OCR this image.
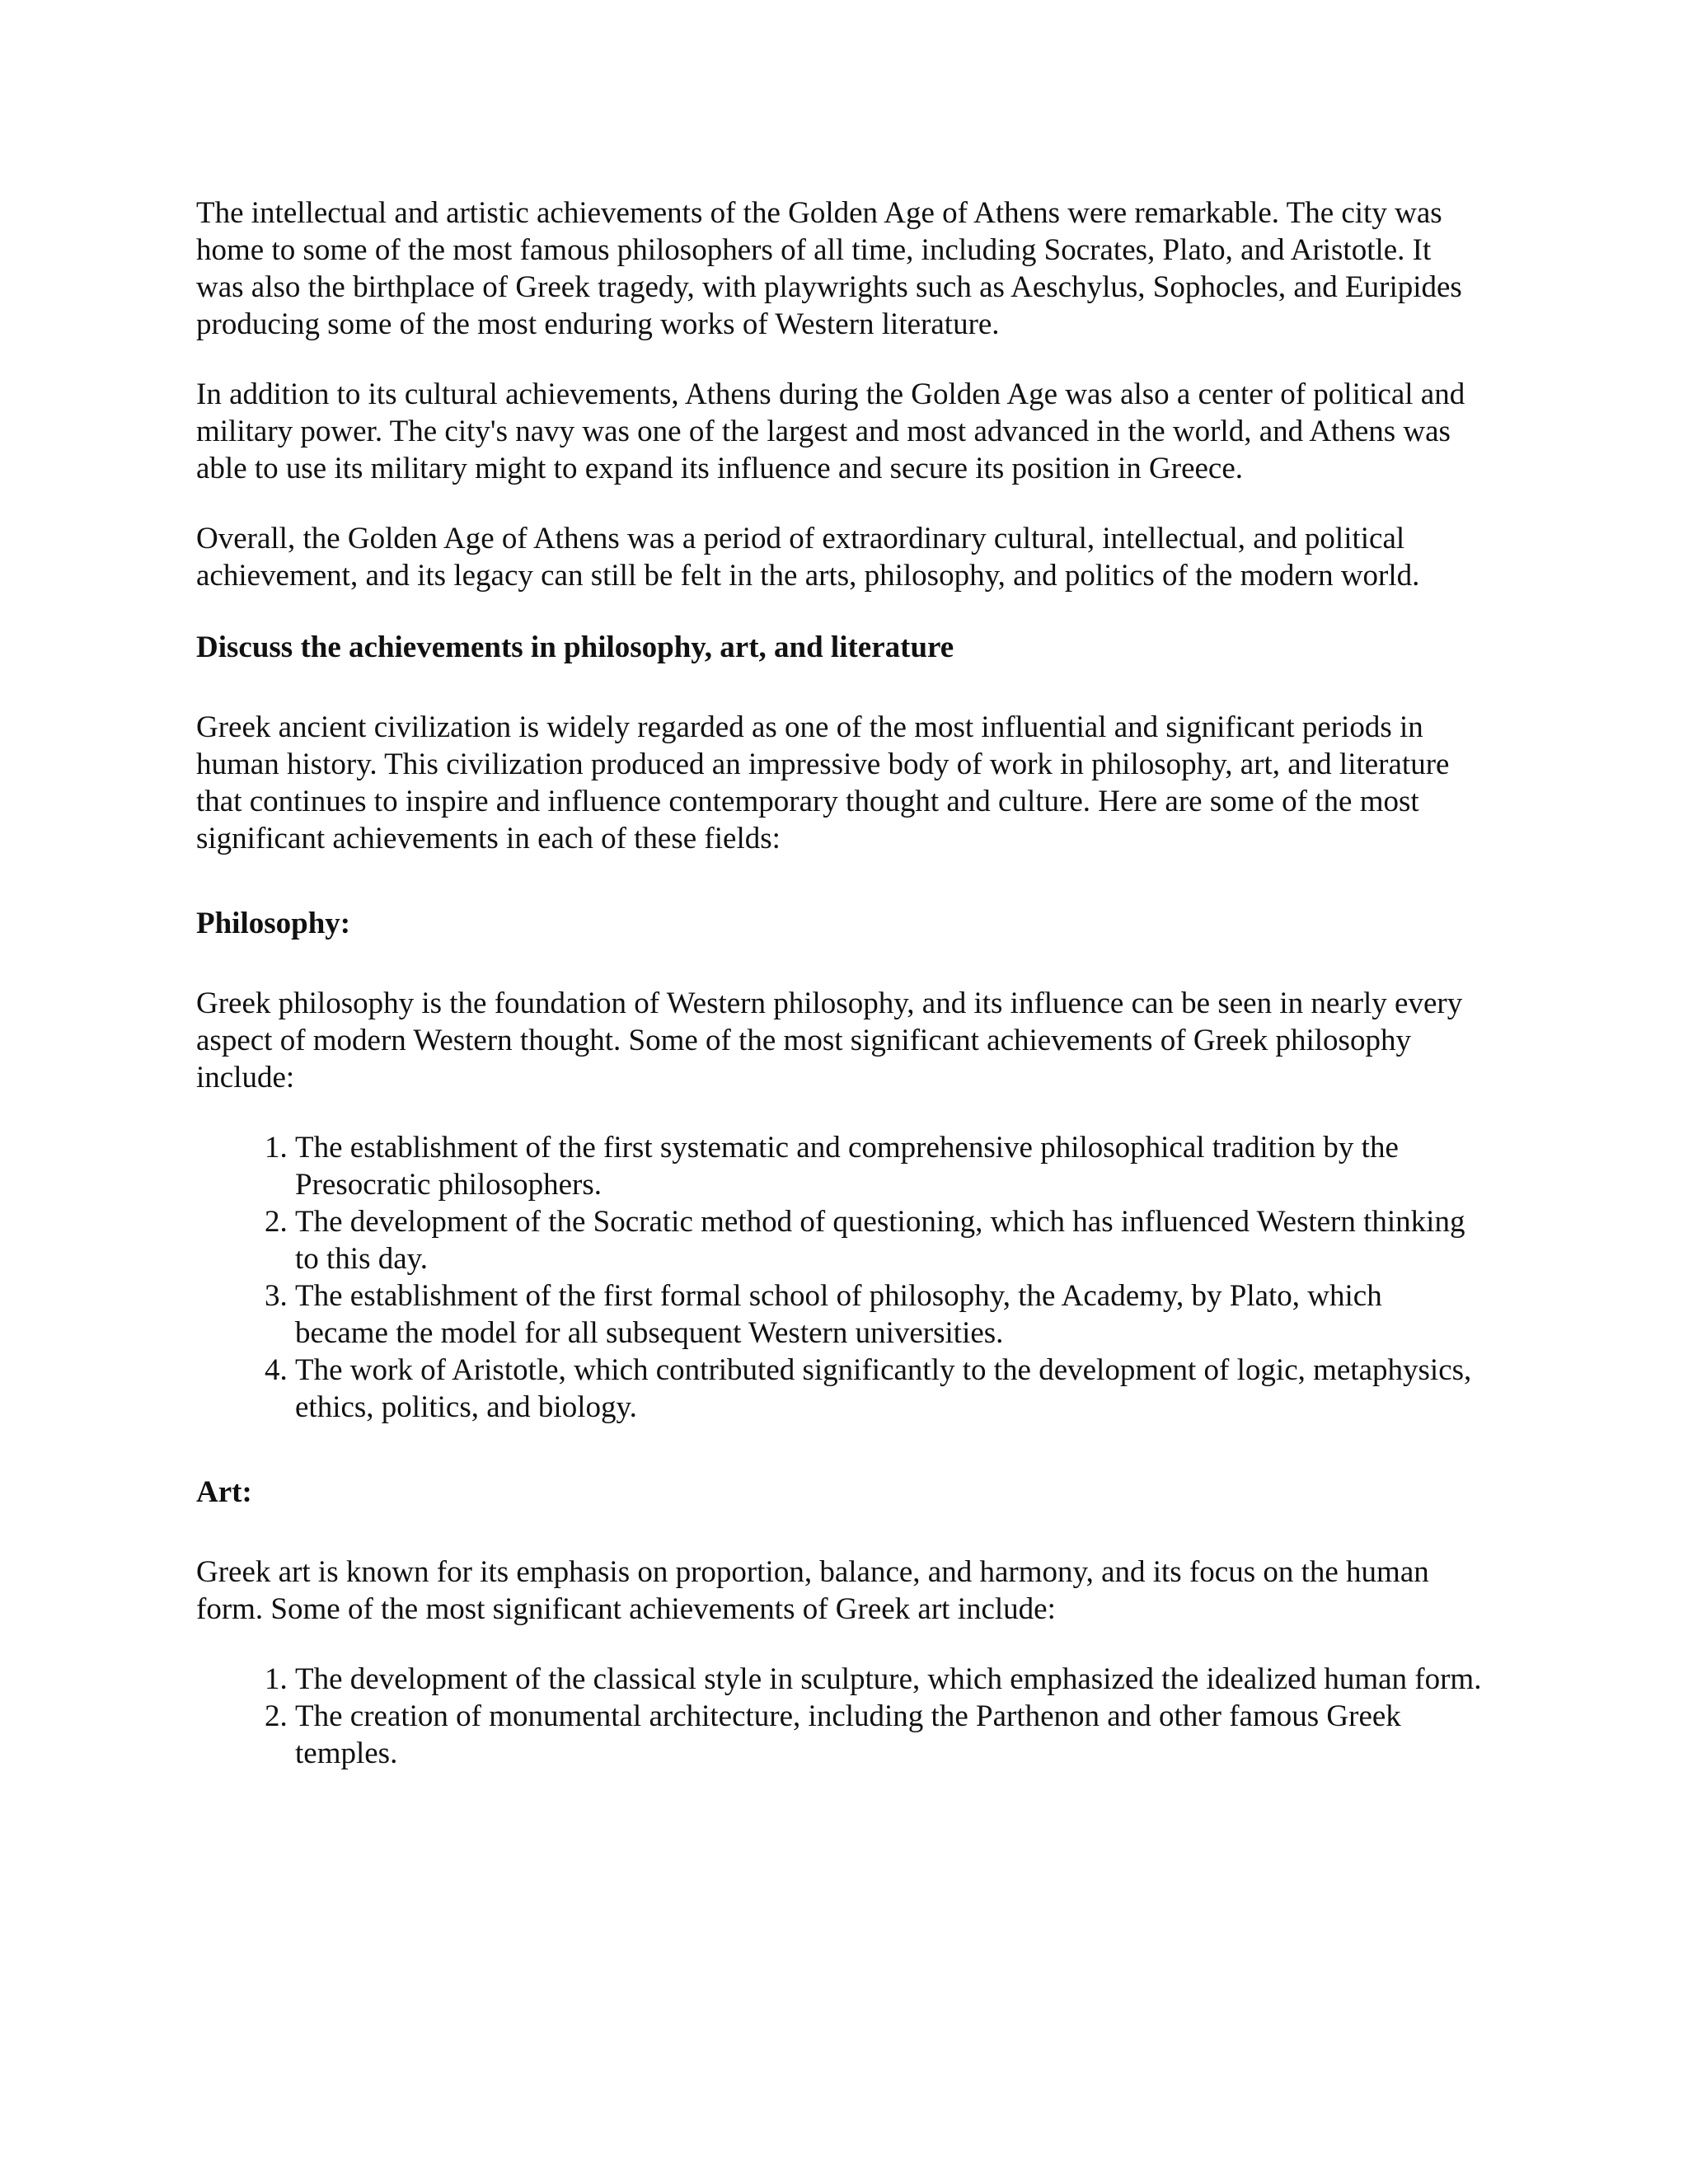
The intellectual and artistic achievements of the Golden Age of Athens were remarkable. The city was home to some of the most famous philosophers of all time, including Socrates, Plato, and Aristotle. It was also the birthplace of Greek tragedy, with playwrights such as Aeschylus, Sophocles, and Euripides producing some of the most enduring works of Western literature.

In addition to its cultural achievements, Athens during the Golden Age was also a center of political and military power. The city's navy was one of the largest and most advanced in the world, and Athens was able to use its military might to expand its influence and secure its position in Greece.

Overall, the Golden Age of Athens was a period of extraordinary cultural, intellectual, and political achievement, and its legacy can still be felt in the arts, philosophy, and politics of the modern world.

Discuss the achievements in philosophy, art, and literature

Greek ancient civilization is widely regarded as one of the most influential and significant periods in human history. This civilization produced an impressive body of work in philosophy, art, and literature that continues to inspire and influence contemporary thought and culture. Here are some of the most significant achievements in each of these fields:

Philosophy:

Greek philosophy is the foundation of Western philosophy, and its influence can be seen in nearly every aspect of modern Western thought. Some of the most significant achievements of Greek philosophy include:

1. The establishment of the first systematic and comprehensive philosophical tradition by the Presocratic philosophers.
2. The development of the Socratic method of questioning, which has influenced Western thinking to this day.
3. The establishment of the first formal school of philosophy, the Academy, by Plato, which became the model for all subsequent Western universities.
4. The work of Aristotle, which contributed significantly to the development of logic, metaphysics, ethics, politics, and biology.
Art:

Greek art is known for its emphasis on proportion, balance, and harmony, and its focus on the human form. Some of the most significant achievements of Greek art include:

1. The development of the classical style in sculpture, which emphasized the idealized human form.
2. The creation of monumental architecture, including the Parthenon and other famous Greek temples.
